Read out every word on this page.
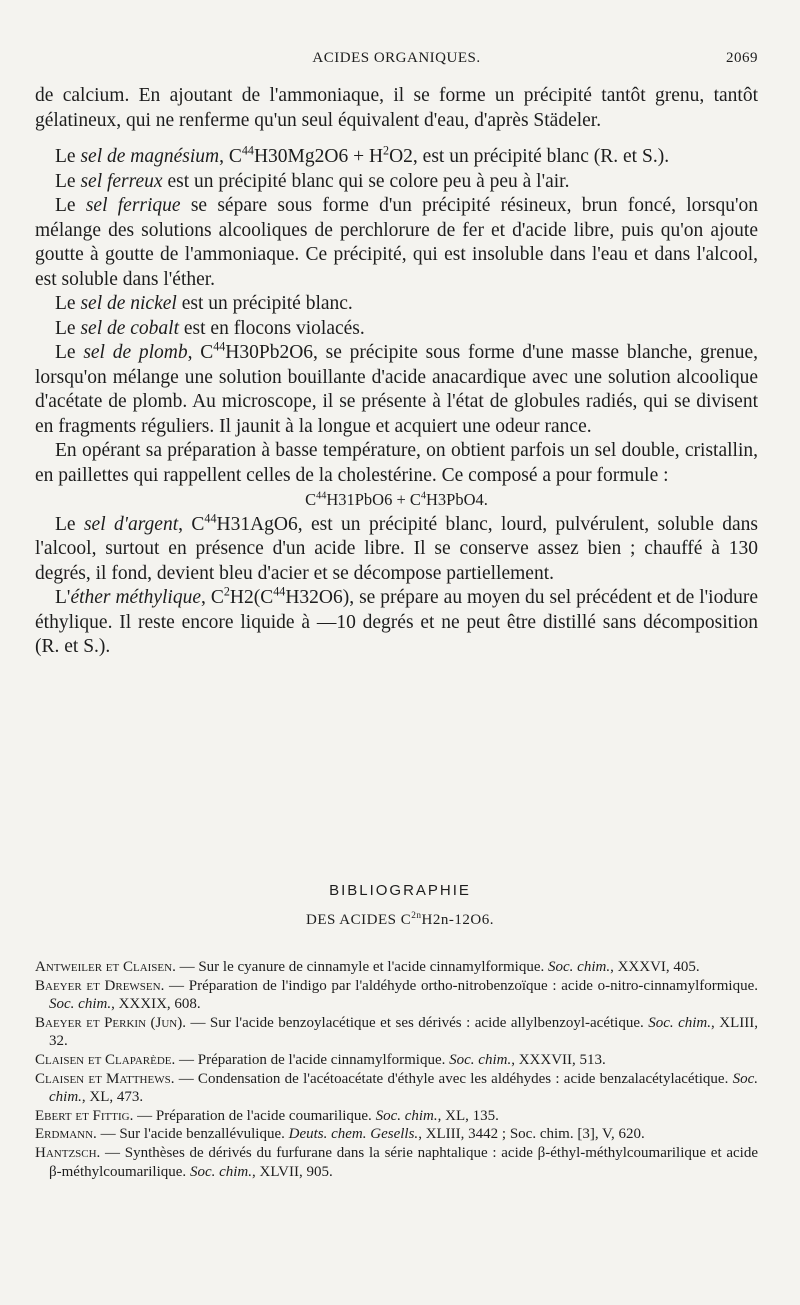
ACIDES ORGANIQUES.	2069

de calcium. En ajoutant de l'ammoniaque, il se forme un précipité tantôt grenu, tantôt gélatineux, qui ne renferme qu'un seul équivalent d'eau, d'après Städeler.

Le sel de magnésium, $C^{44}H30Mg2O6 + H^2O2$, est un précipité blanc (R. et S.).

Le sel ferreux est un précipité blanc qui se colore peu à peu à l'air.

Le sel ferrique se sépare sous forme d'un précipité résineux, brun foncé, lorsqu'on mélange des solutions alcooliques de perchlorure de fer et d'acide libre, puis qu'on ajoute goutte à goutte de l'ammoniaque. Ce précipité, qui est insoluble dans l'eau et dans l'alcool, est soluble dans l'éther.

Le sel de nickel est un précipité blanc.

Le sel de cobalt est en flocons violacés.

Le sel de plomb, $C^{44}H30Pb2O6$, se précipite sous forme d'une masse blanche, grenue, lorsqu'on mélange une solution bouillante d'acide anacardique avec une solution alcoolique d'acétate de plomb. Au microscope, il se présente à l'état de globules radiés, qui se divisent en fragments réguliers. Il jaunit à la longue et acquiert une odeur rance.

En opérant sa préparation à basse température, on obtient parfois un sel double, cristallin, en paillettes qui rappellent celles de la cholestérine. Ce composé a pour formule :

$C^{44}H31PbO6 + C^4H3PbO4$.

Le sel d'argent, $C^{44}H31AgO6$, est un précipité blanc, lourd, pulvérulent, soluble dans l'alcool, surtout en présence d'un acide libre. Il se conserve assez bien ; chauffé à 130 degrés, il fond, devient bleu d'acier et se décompose partiellement.

L'éther méthylique, $C^2H2(C^{44}H32O6)$, se prépare au moyen du sel précédent et de l'iodure éthylique. Il reste encore liquide à —10 degrés et ne peut être distillé sans décomposition (R. et S.).

BIBLIOGRAPHIE
DES ACIDES $C^{2n}H2n-12O6$.

Antweiler et Claisen. — Sur le cyanure de cinnamyle et l'acide cinnamylformique. Soc. chim., XXXVI, 405.

Baeyer et Drewsen. — Préparation de l'indigo par l'aldéhyde ortho-nitrobenzoïque : acide o-nitro-cinnamylformique. Soc. chim., XXXIX, 608.

Baeyer et Perkin (Jun). — Sur l'acide benzoylacétique et ses dérivés : acide allylbenzoyl-acétique. Soc. chim., XLIII, 32.

Claisen et Claparède. — Préparation de l'acide cinnamylformique. Soc. chim., XXXVII, 513.

Claisen et Matthews. — Condensation de l'acétoacétate d'éthyle avec les aldéhydes : acide benzalacétylacétique. Soc. chim., XL, 473.

Ebert et Fittig. — Préparation de l'acide coumarilique. Soc. chim., XL, 135.

Erdmann. — Sur l'acide benzallévulique. Deuts. chem. Gesells., XLIII, 3442 ; Soc. chim. [3], V, 620.

Hantzsch. — Synthèses de dérivés du furfurane dans la série naphtalique : acide β-éthyl-méthylcoumarilique et acide β-méthylcoumarilique. Soc. chim., XLVII, 905.
